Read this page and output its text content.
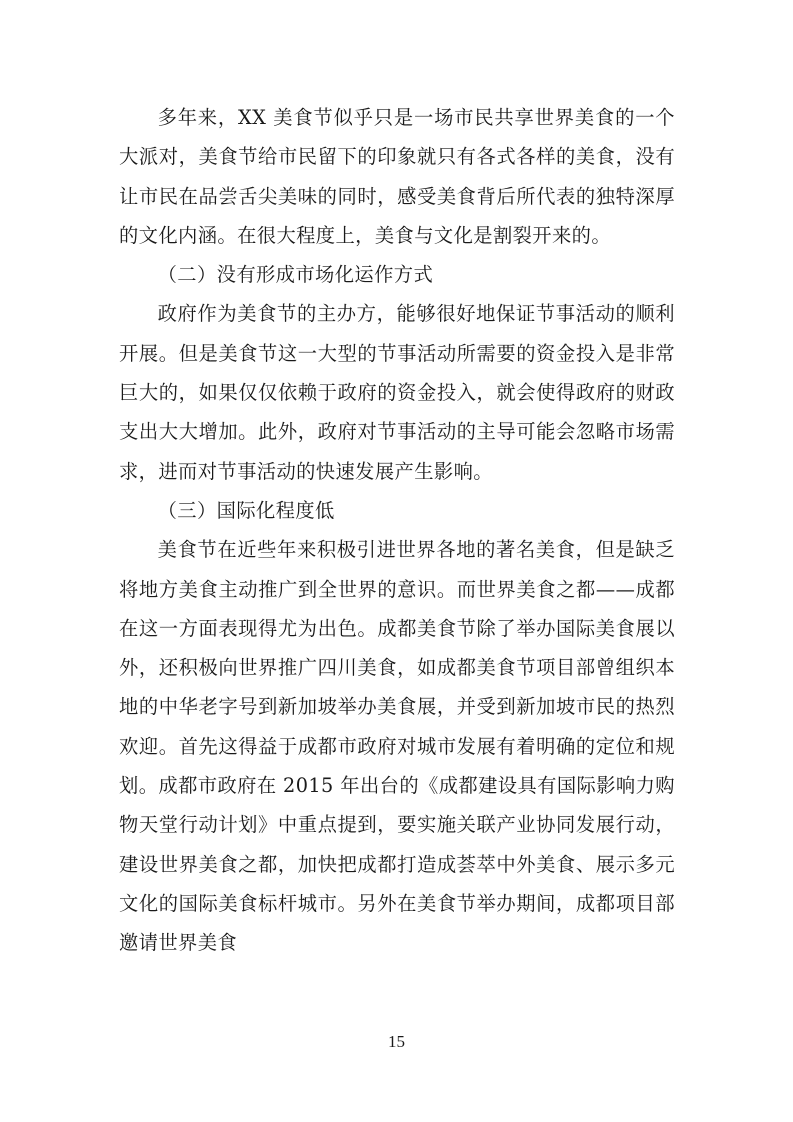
多年来，XX 美食节似乎只是一场市民共享世界美食的一个大派对，美食节给市民留下的印象就只有各式各样的美食，没有让市民在品尝舌尖美味的同时，感受美食背后所代表的独特深厚的文化内涵。在很大程度上，美食与文化是割裂开来的。

（二）没有形成市场化运作方式

政府作为美食节的主办方，能够很好地保证节事活动的顺利开展。但是美食节这一大型的节事活动所需要的资金投入是非常巨大的，如果仅仅依赖于政府的资金投入，就会使得政府的财政支出大大增加。此外，政府对节事活动的主导可能会忽略市场需求，进而对节事活动的快速发展产生影响。

（三）国际化程度低

美食节在近些年来积极引进世界各地的著名美食，但是缺乏将地方美食主动推广到全世界的意识。而世界美食之都——成都在这一方面表现得尤为出色。成都美食节除了举办国际美食展以外，还积极向世界推广四川美食，如成都美食节项目部曾组织本地的中华老字号到新加坡举办美食展，并受到新加坡市民的热烈欢迎。首先这得益于成都市政府对城市发展有着明确的定位和规划。成都市政府在 2015 年出台的《成都建设具有国际影响力购物天堂行动计划》中重点提到，要实施关联产业协同发展行动，建设世界美食之都，加快把成都打造成荟萃中外美食、展示多元文化的国际美食标杆城市。另外在美食节举办期间，成都项目部邀请世界美食

15
